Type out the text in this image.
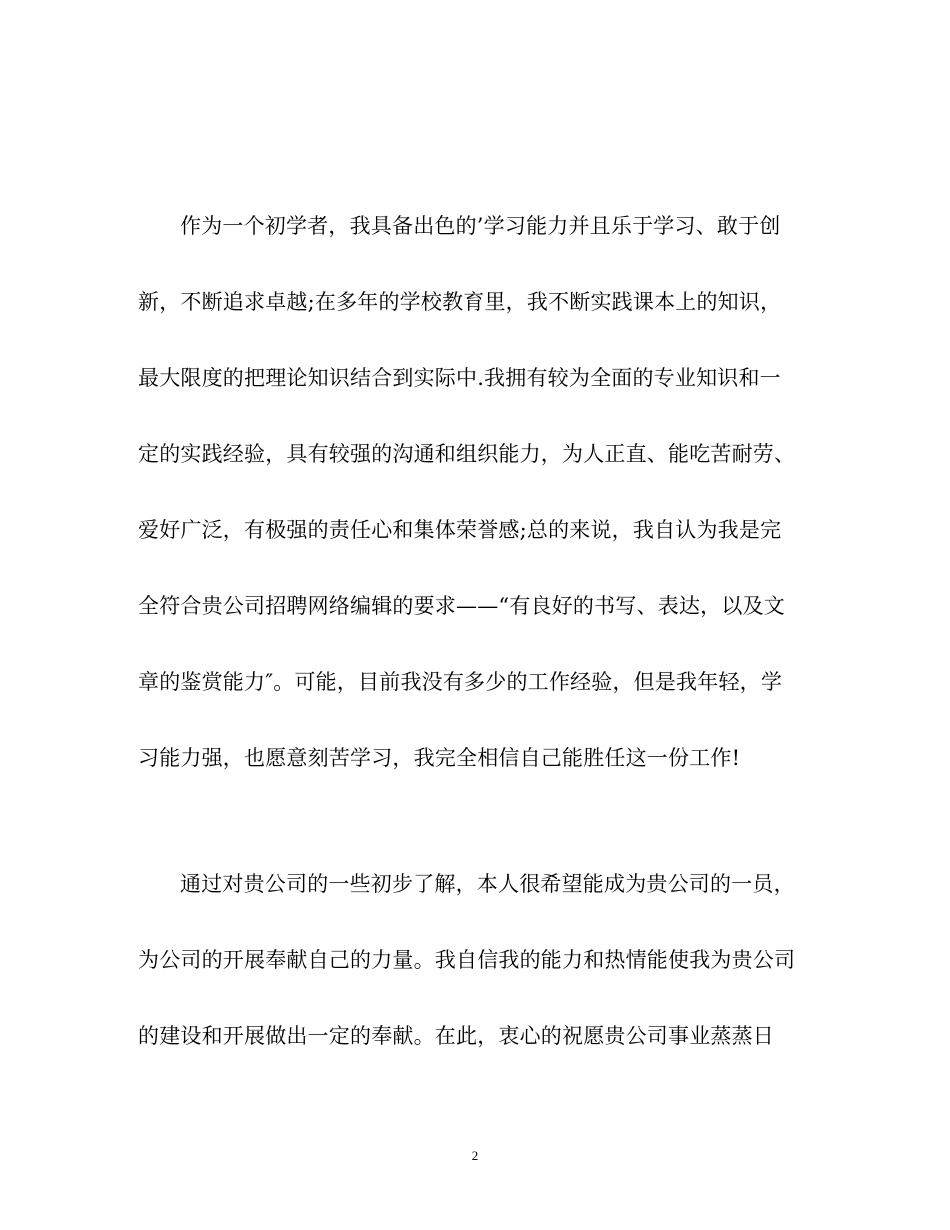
作为一个初学者，我具备出色的’学习能力并且乐于学习、敢于创
新，不断追求卓越;在多年的学校教育里，我不断实践课本上的知识，
最大限度的把理论知识结合到实际中.我拥有较为全面的专业知识和一
定的实践经验，具有较强的沟通和组织能力，为人正直、能吃苦耐劳、
爱好广泛，有极强的责任心和集体荣誉感;总的来说，我自认为我是完
全符合贵公司招聘网络编辑的要求——“有良好的书写、表达，以及文
章的鉴赏能力″。可能，目前我没有多少的工作经验，但是我年轻，学
习能力强，也愿意刻苦学习，我完全相信自己能胜任这一份工作!
通过对贵公司的一些初步了解，本人很希望能成为贵公司的一员，
为公司的开展奉献自己的力量。我自信我的能力和热情能使我为贵公司
的建设和开展做出一定的奉献。在此，衷心的祝愿贵公司事业蒸蒸日
2
